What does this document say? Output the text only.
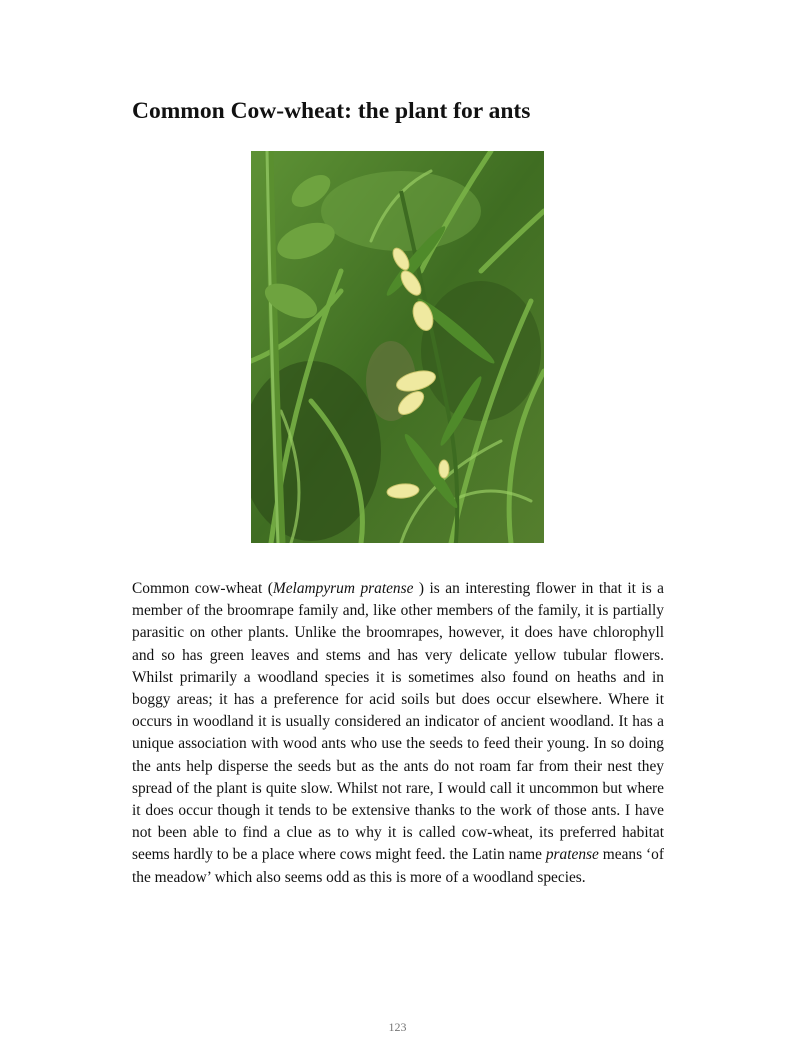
Common Cow-wheat: the plant for ants

Common cow-wheat (Melampyrum pratense ) is an interesting flower in that it is a member of the broomrape family and, like other members of the family, it is partially parasitic on other plants. Unlike the broomrapes, however, it does have chlorophyll and so has green leaves and stems and has very delicate yellow tubular flowers. Whilst primarily a woodland species it is sometimes also found on heaths and in boggy areas; it has a preference for acid soils but does occur elsewhere. Where it occurs in woodland it is usually considered an indicator of ancient woodland. It has a unique association with wood ants who use the seeds to feed their young. In so doing the ants help disperse the seeds but as the ants do not roam far from their nest they spread of the plant is quite slow. Whilst not rare, I would call it uncommon but where it does occur though it tends to be extensive thanks to the work of those ants. I have not been able to find a clue as to why it is called cow-wheat, its preferred habitat seems hardly to be a place where cows might feed. the Latin name pratense means ‘of the meadow’ which also seems odd as this is more of a woodland species.

123
